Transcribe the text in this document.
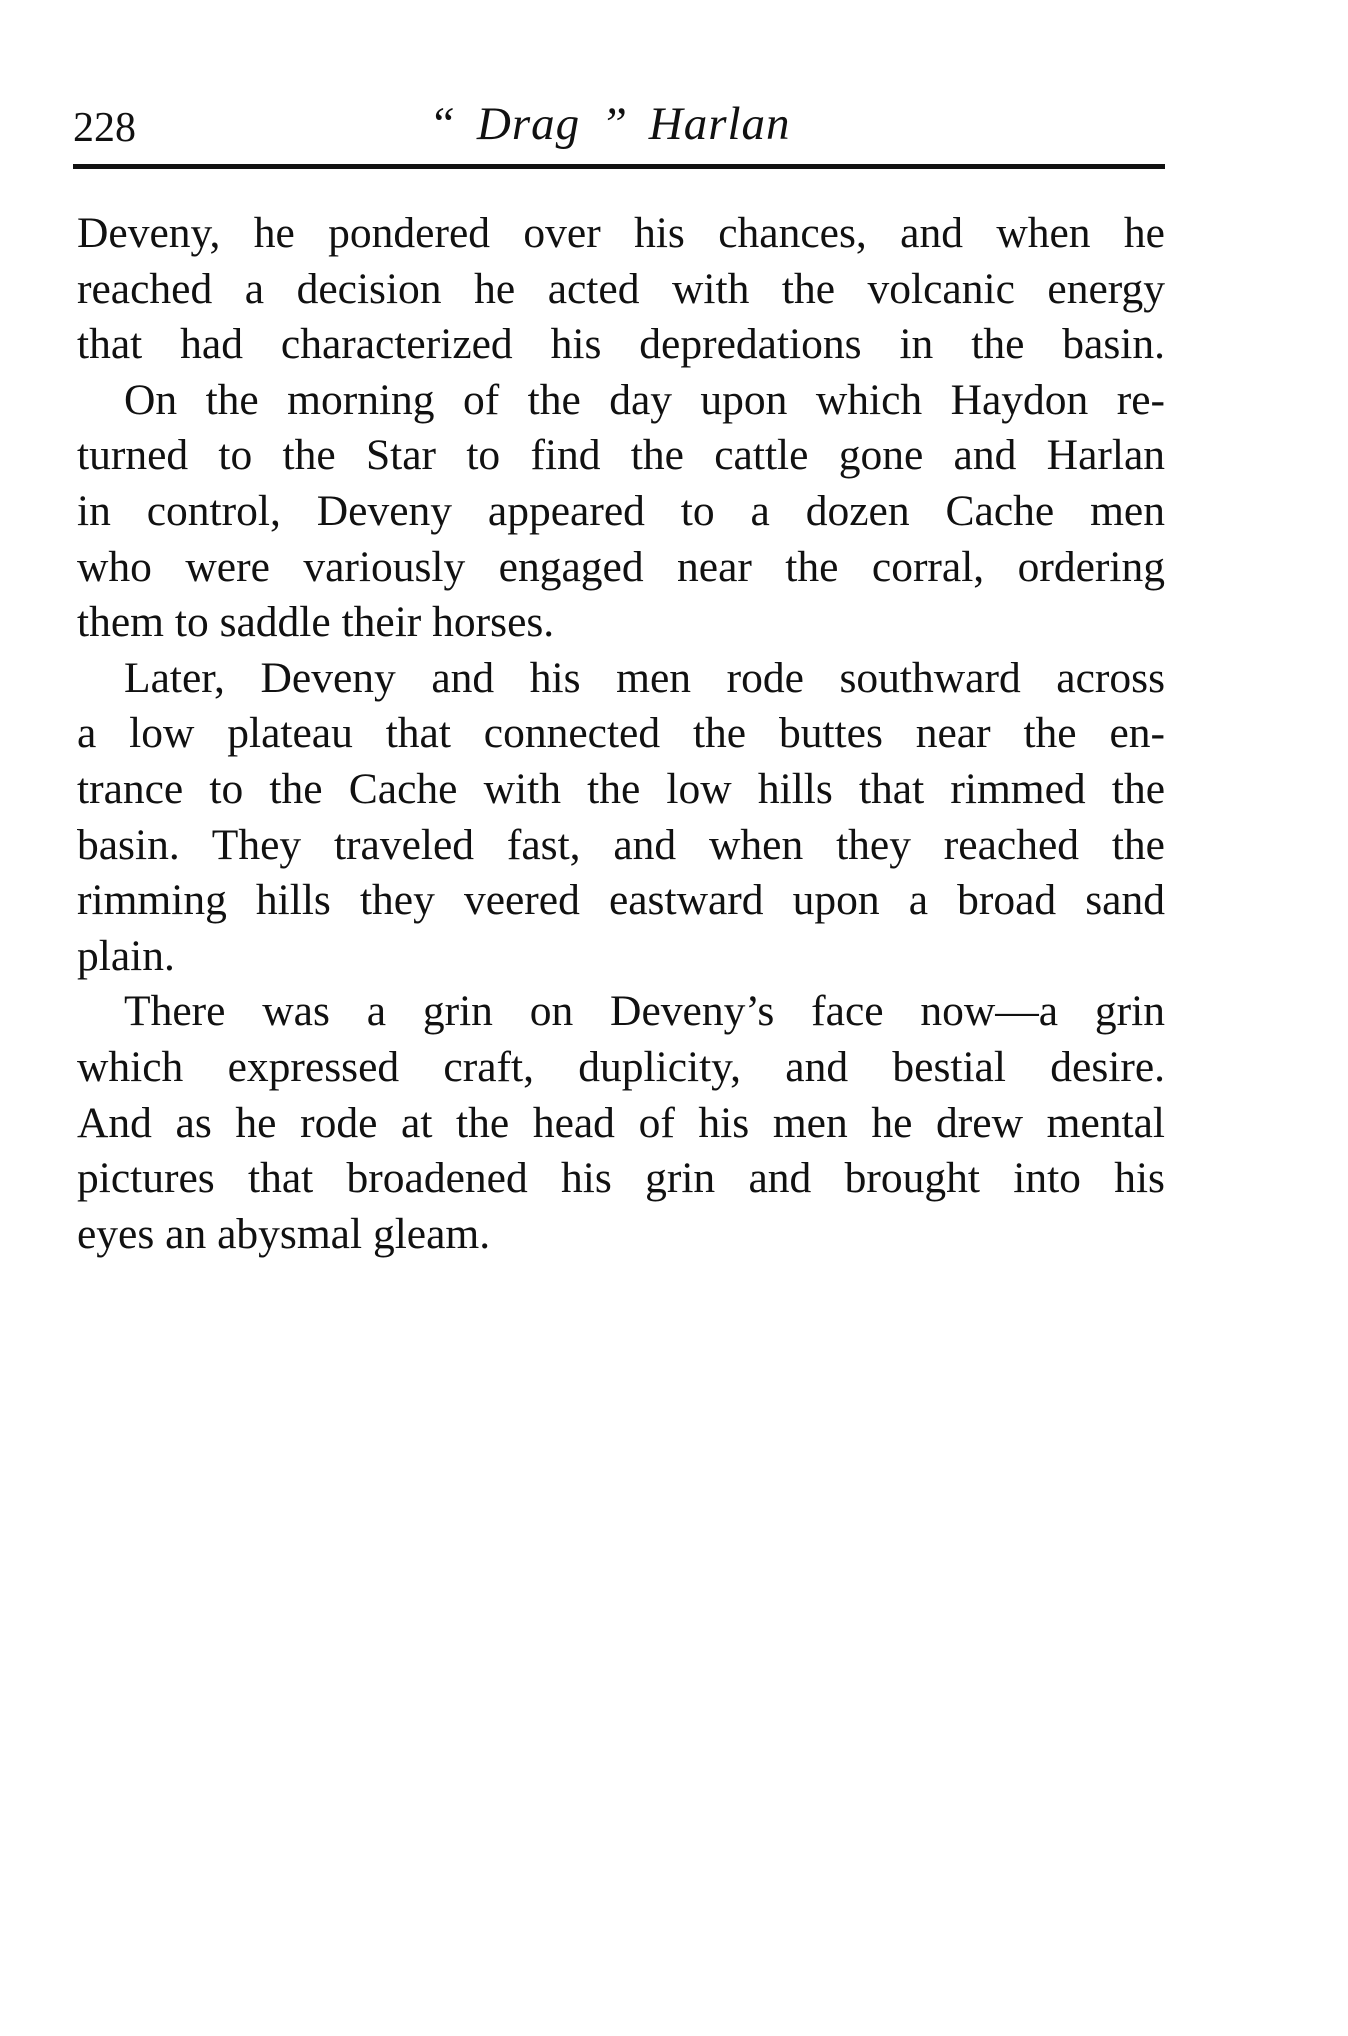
228	“ Drag ” Harlan
Deveny, he pondered over his chances, and when he
reached a decision he acted with the volcanic energy
that had characterized his depredations in the basin.
On the morning of the day upon which Haydon re-
turned to the Star to find the cattle gone and Harlan
in control, Deveny appeared to a dozen Cache men
who were variously engaged near the corral, ordering
them to saddle their horses.
Later, Deveny and his men rode southward across
a low plateau that connected the buttes near the en-
trance to the Cache with the low hills that rimmed the
basin. They traveled fast, and when they reached the
rimming hills they veered eastward upon a broad sand
plain.
There was a grin on Deveny’s face now—a grin
which expressed craft, duplicity, and bestial desire.
And as he rode at the head of his men he drew mental
pictures that broadened his grin and brought into his
eyes an abysmal gleam.
